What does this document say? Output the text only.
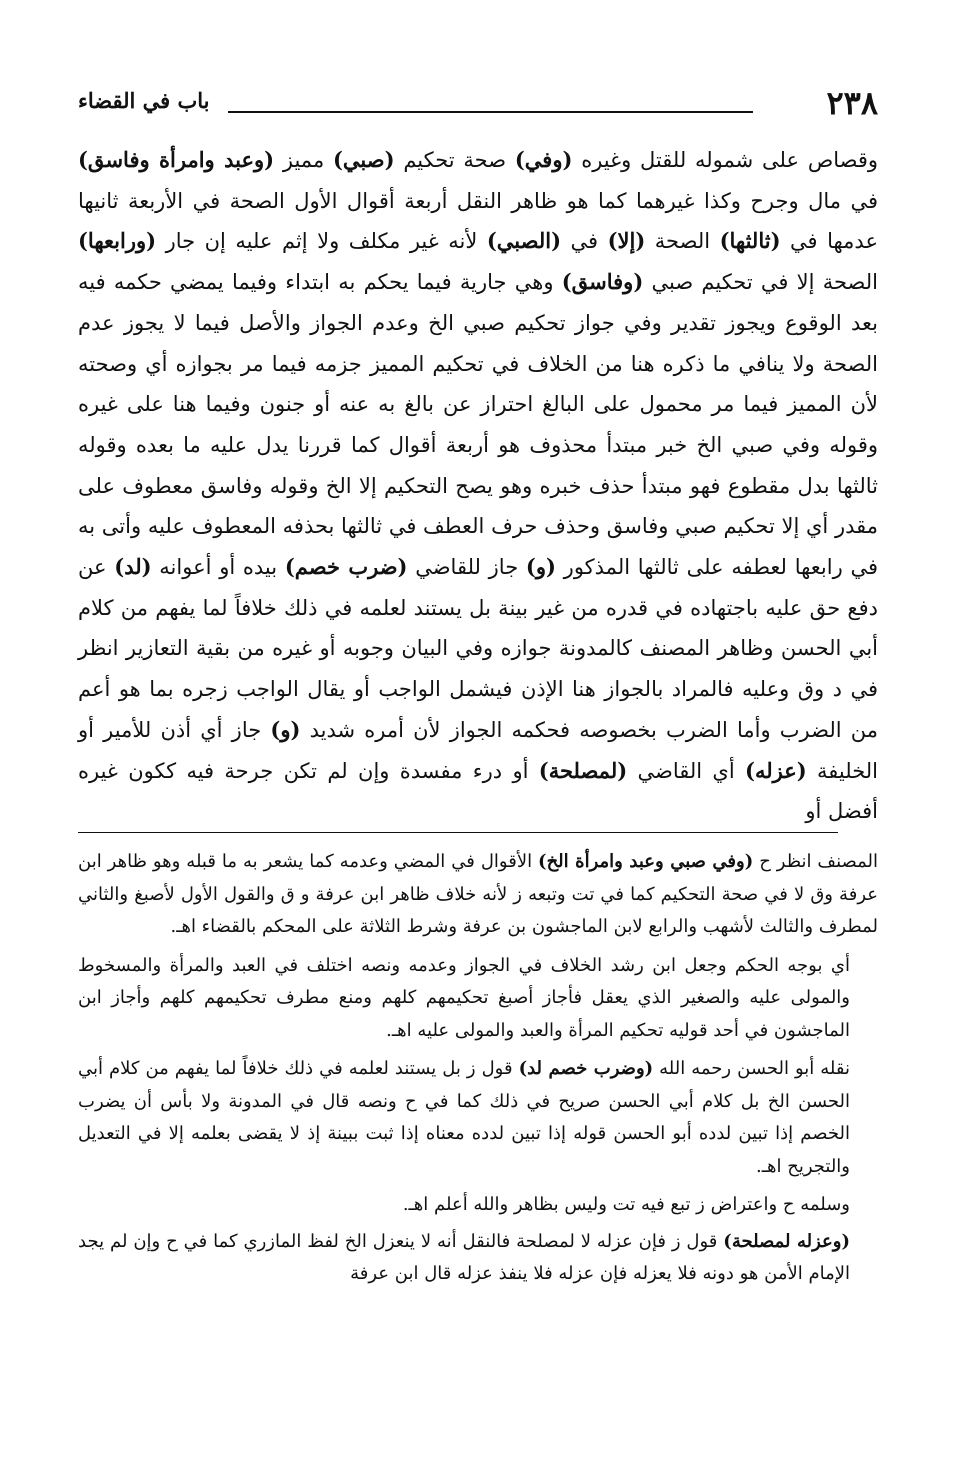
٢٣٨
باب في القضاء

وقصاص على شموله للقتل وغيره (وفي) صحة تحكيم (صبي) مميز (وعبد وامرأة وفاسق) في مال وجرح وكذا غيرهما كما هو ظاهر النقل أربعة أقوال الأول الصحة في الأربعة ثانيها عدمها في (ثالثها) الصحة (إلا) في (الصبي) لأنه غير مكلف ولا إثم عليه إن جار (ورابعها) الصحة إلا في تحكيم صبي (وفاسق) وهي جارية فيما يحكم به ابتداء وفيما يمضي حكمه فيه بعد الوقوع ويجوز تقدير وفي جواز تحكيم صبي الخ وعدم الجواز والأصل فيما لا يجوز عدم الصحة ولا ينافي ما ذكره هنا من الخلاف في تحكيم المميز جزمه فيما مر بجوازه أي وصحته لأن المميز فيما مر محمول على البالغ احتراز عن بالغ به عنه أو جنون وفيما هنا على غيره وقوله وفي صبي الخ خبر مبتدأ محذوف هو أربعة أقوال كما قررنا يدل عليه ما بعده وقوله ثالثها بدل مقطوع فهو مبتدأ حذف خبره وهو يصح التحكيم إلا الخ وقوله وفاسق معطوف على مقدر أي إلا تحكيم صبي وفاسق وحذف حرف العطف في ثالثها بحذفه المعطوف عليه وأتى به في رابعها لعطفه على ثالثها المذكور (و) جاز للقاضي (ضرب خصم) بيده أو أعوانه (لد) عن دفع حق عليه باجتهاده في قدره من غير بينة بل يستند لعلمه في ذلك خلافاً لما يفهم من كلام أبي الحسن وظاهر المصنف كالمدونة جوازه وفي البيان وجوبه أو غيره من بقية التعازير انظر في د وق وعليه فالمراد بالجواز هنا الإذن فيشمل الواجب أو يقال الواجب زجره بما هو أعم من الضرب وأما الضرب بخصوصه فحكمه الجواز لأن أمره شديد (و) جاز أي أذن للأمير أو الخليفة (عزله) أي القاضي (لمصلحة) أو درء مفسدة وإن لم تكن جرحة فيه ككون غيره أفضل أو

المصنف انظر ح (وفي صبي وعبد وامرأة الخ) الأقوال في المضي وعدمه كما يشعر به ما قبله وهو ظاهر ابن عرفة وق لا في صحة التحكيم كما في تت وتبعه ز لأنه خلاف ظاهر ابن عرفة و ق والقول الأول لأصبغ والثاني لمطرف والثالث لأشهب والرابع لابن الماجشون بن عرفة وشرط الثلاثة على المحكم بالقضاء اهـ.

أي بوجه الحكم وجعل ابن رشد الخلاف في الجواز وعدمه ونصه اختلف في العبد والمرأة والمسخوط والمولى عليه والصغير الذي يعقل فأجاز أصبغ تحكيمهم كلهم ومنع مطرف تحكيمهم كلهم وأجاز ابن الماجشون في أحد قوليه تحكيم المرأة والعبد والمولى عليه اهـ.

نقله أبو الحسن رحمه الله (وضرب خصم لد) قول ز بل يستند لعلمه في ذلك خلافاً لما يفهم من كلام أبي الحسن الخ بل كلام أبي الحسن صريح في ذلك كما في ح ونصه قال في المدونة ولا بأس أن يضرب الخصم إذا تبين لدده أبو الحسن قوله إذا تبين لدده معناه إذا ثبت ببينة إذ لا يقضى بعلمه إلا في التعديل والتجريح اهـ.

وسلمه ح واعتراض ز تبع فيه تت وليس بظاهر والله أعلم اهـ.

(وعزله لمصلحة) قول ز فإن عزله لا لمصلحة فالنقل أنه لا ينعزل الخ لفظ المازري كما في ح وإن لم يجد الإمام الأمن هو دونه فلا يعزله فإن عزله فلا ينفذ عزله قال ابن عرفة
